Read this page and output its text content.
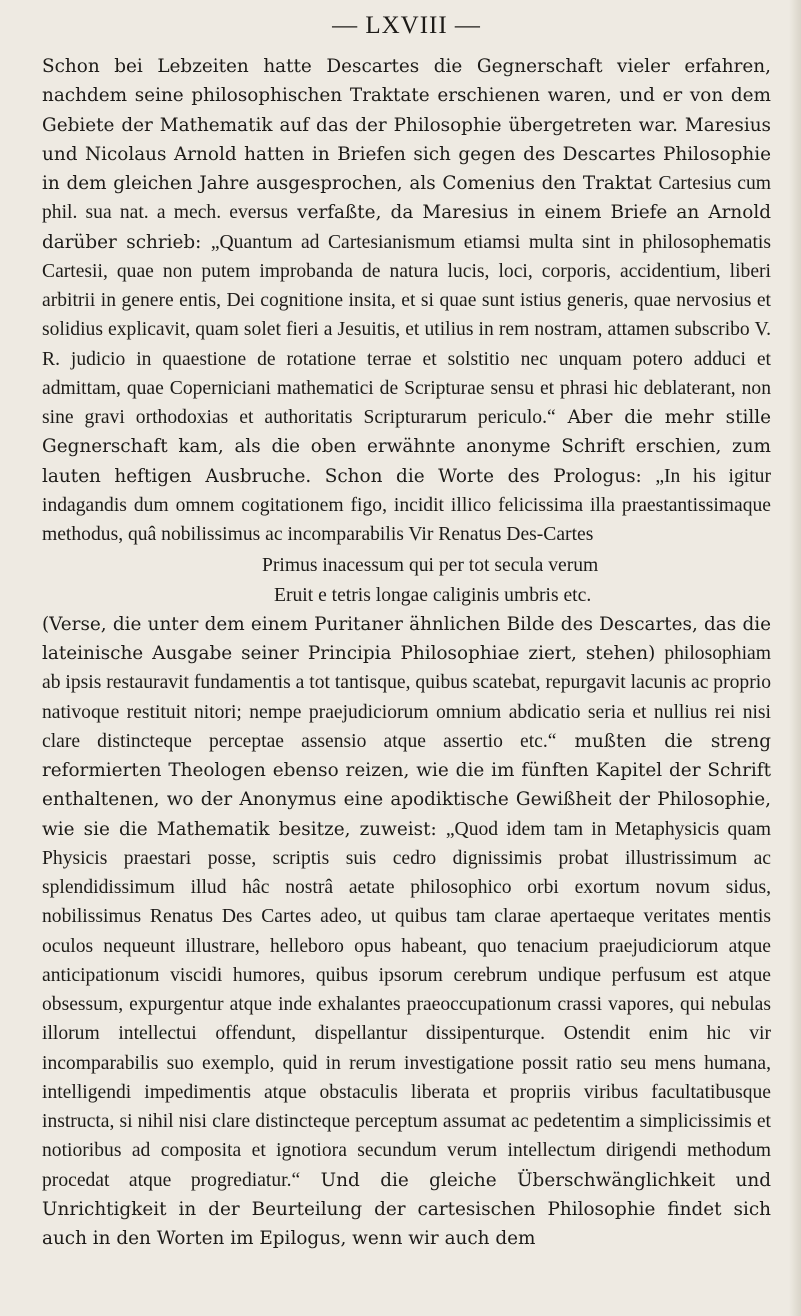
— LXVIII —

Schon bei Lebzeiten hatte Descartes die Gegnerschaft vieler erfahren, nachdem seine philosophischen Traktate erschienen waren, und er von dem Gebiete der Mathematik auf das der Philosophie übergetreten war. Maresius und Nicolaus Arnold hatten in Briefen sich gegen des Descartes Philosophie in dem gleichen Jahre ausgesprochen, als Comenius den Traktat Cartesius cum phil. sua nat. a mech. eversus verfaßte, da Maresius in einem Briefe an Arnold darüber schrieb: „Quantum ad Cartesianismum etiamsi multa sint in philosophematis Cartesii, quae non putem improbanda de natura lucis, loci, corporis, accidentium, liberi arbitrii in genere entis, Dei cognitione insita, et si quae sunt istius generis, quae nervosius et solidius explicavit, quam solet fieri a Jesuitis, et utilius in rem nostram, attamen subscribo V. R. judicio in quaestione de rotatione terrae et solstitio nec unquam potero adduci et admittam, quae Coperniciani mathematici de Scripturae sensu et phrasi hic deblaterant, non sine gravi orthodoxias et authoritatis Scripturarum periculo.“ Aber die mehr stille Gegnerschaft kam, als die oben erwähnte anonyme Schrift erschien, zum lauten heftigen Ausbruche. Schon die Worte des Prologus: „In his igitur indagandis dum omnem cogitationem figo, incidit illico felicissima illa praestantissimaque methodus, quâ nobilissimus ac incomparabilis Vir Renatus Des-Cartes

Primus inacessum qui per tot secula verum
Eruit e tetris longae caliginis umbris etc.

(Verse, die unter dem einem Puritaner ähnlichen Bilde des Descartes, das die lateinische Ausgabe seiner Principia Philosophiae ziert, stehen) philosophiam ab ipsis restauravit fundamentis a tot tantisque, quibus scatebat, repurgavit lacunis ac proprio nativoque restituit nitori; nempe praejudiciorum omnium abdicatio seria et nullius rei nisi clare distincteque perceptae assensio atque assertio etc.“ mußten die streng reformierten Theologen ebenso reizen, wie die im fünften Kapitel der Schrift enthaltenen, wo der Anonymus eine apodiktische Gewißheit der Philosophie, wie sie die Mathematik besitze, zuweist: „Quod idem tam in Metaphysicis quam Physicis praestari posse, scriptis suis cedro dignissimis probat illustrissimum ac splendidissimum illud hâc nostrâ aetate philosophico orbi exortum novum sidus, nobilissimus Renatus Des Cartes adeo, ut quibus tam clarae apertaeque veritates mentis oculos nequeunt illustrare, helleboro opus habeant, quo tenacium praejudiciorum atque anticipationum viscidi humores, quibus ipsorum cerebrum undique perfusum est atque obsessum, expurgentur atque inde exhalantes praeoccupationum crassi vapores, qui nebulas illorum intellectui offendunt, dispellantur dissipenturque. Ostendit enim hic vir incomparabilis suo exemplo, quid in rerum investigatione possit ratio seu mens humana, intelligendi impedimentis atque obstaculis liberata et propriis viribus facultatibusque instructa, si nihil nisi clare distincteque perceptum assumat ac pedetentim a simplicissimis et notioribus ad composita et ignotiora secundum verum intellectum dirigendi methodum procedat atque progrediatur.“ Und die gleiche Überschwänglichkeit und Unrichtigkeit in der Beurteilung der cartesischen Philosophie findet sich auch in den Worten im Epilogus, wenn wir auch dem
